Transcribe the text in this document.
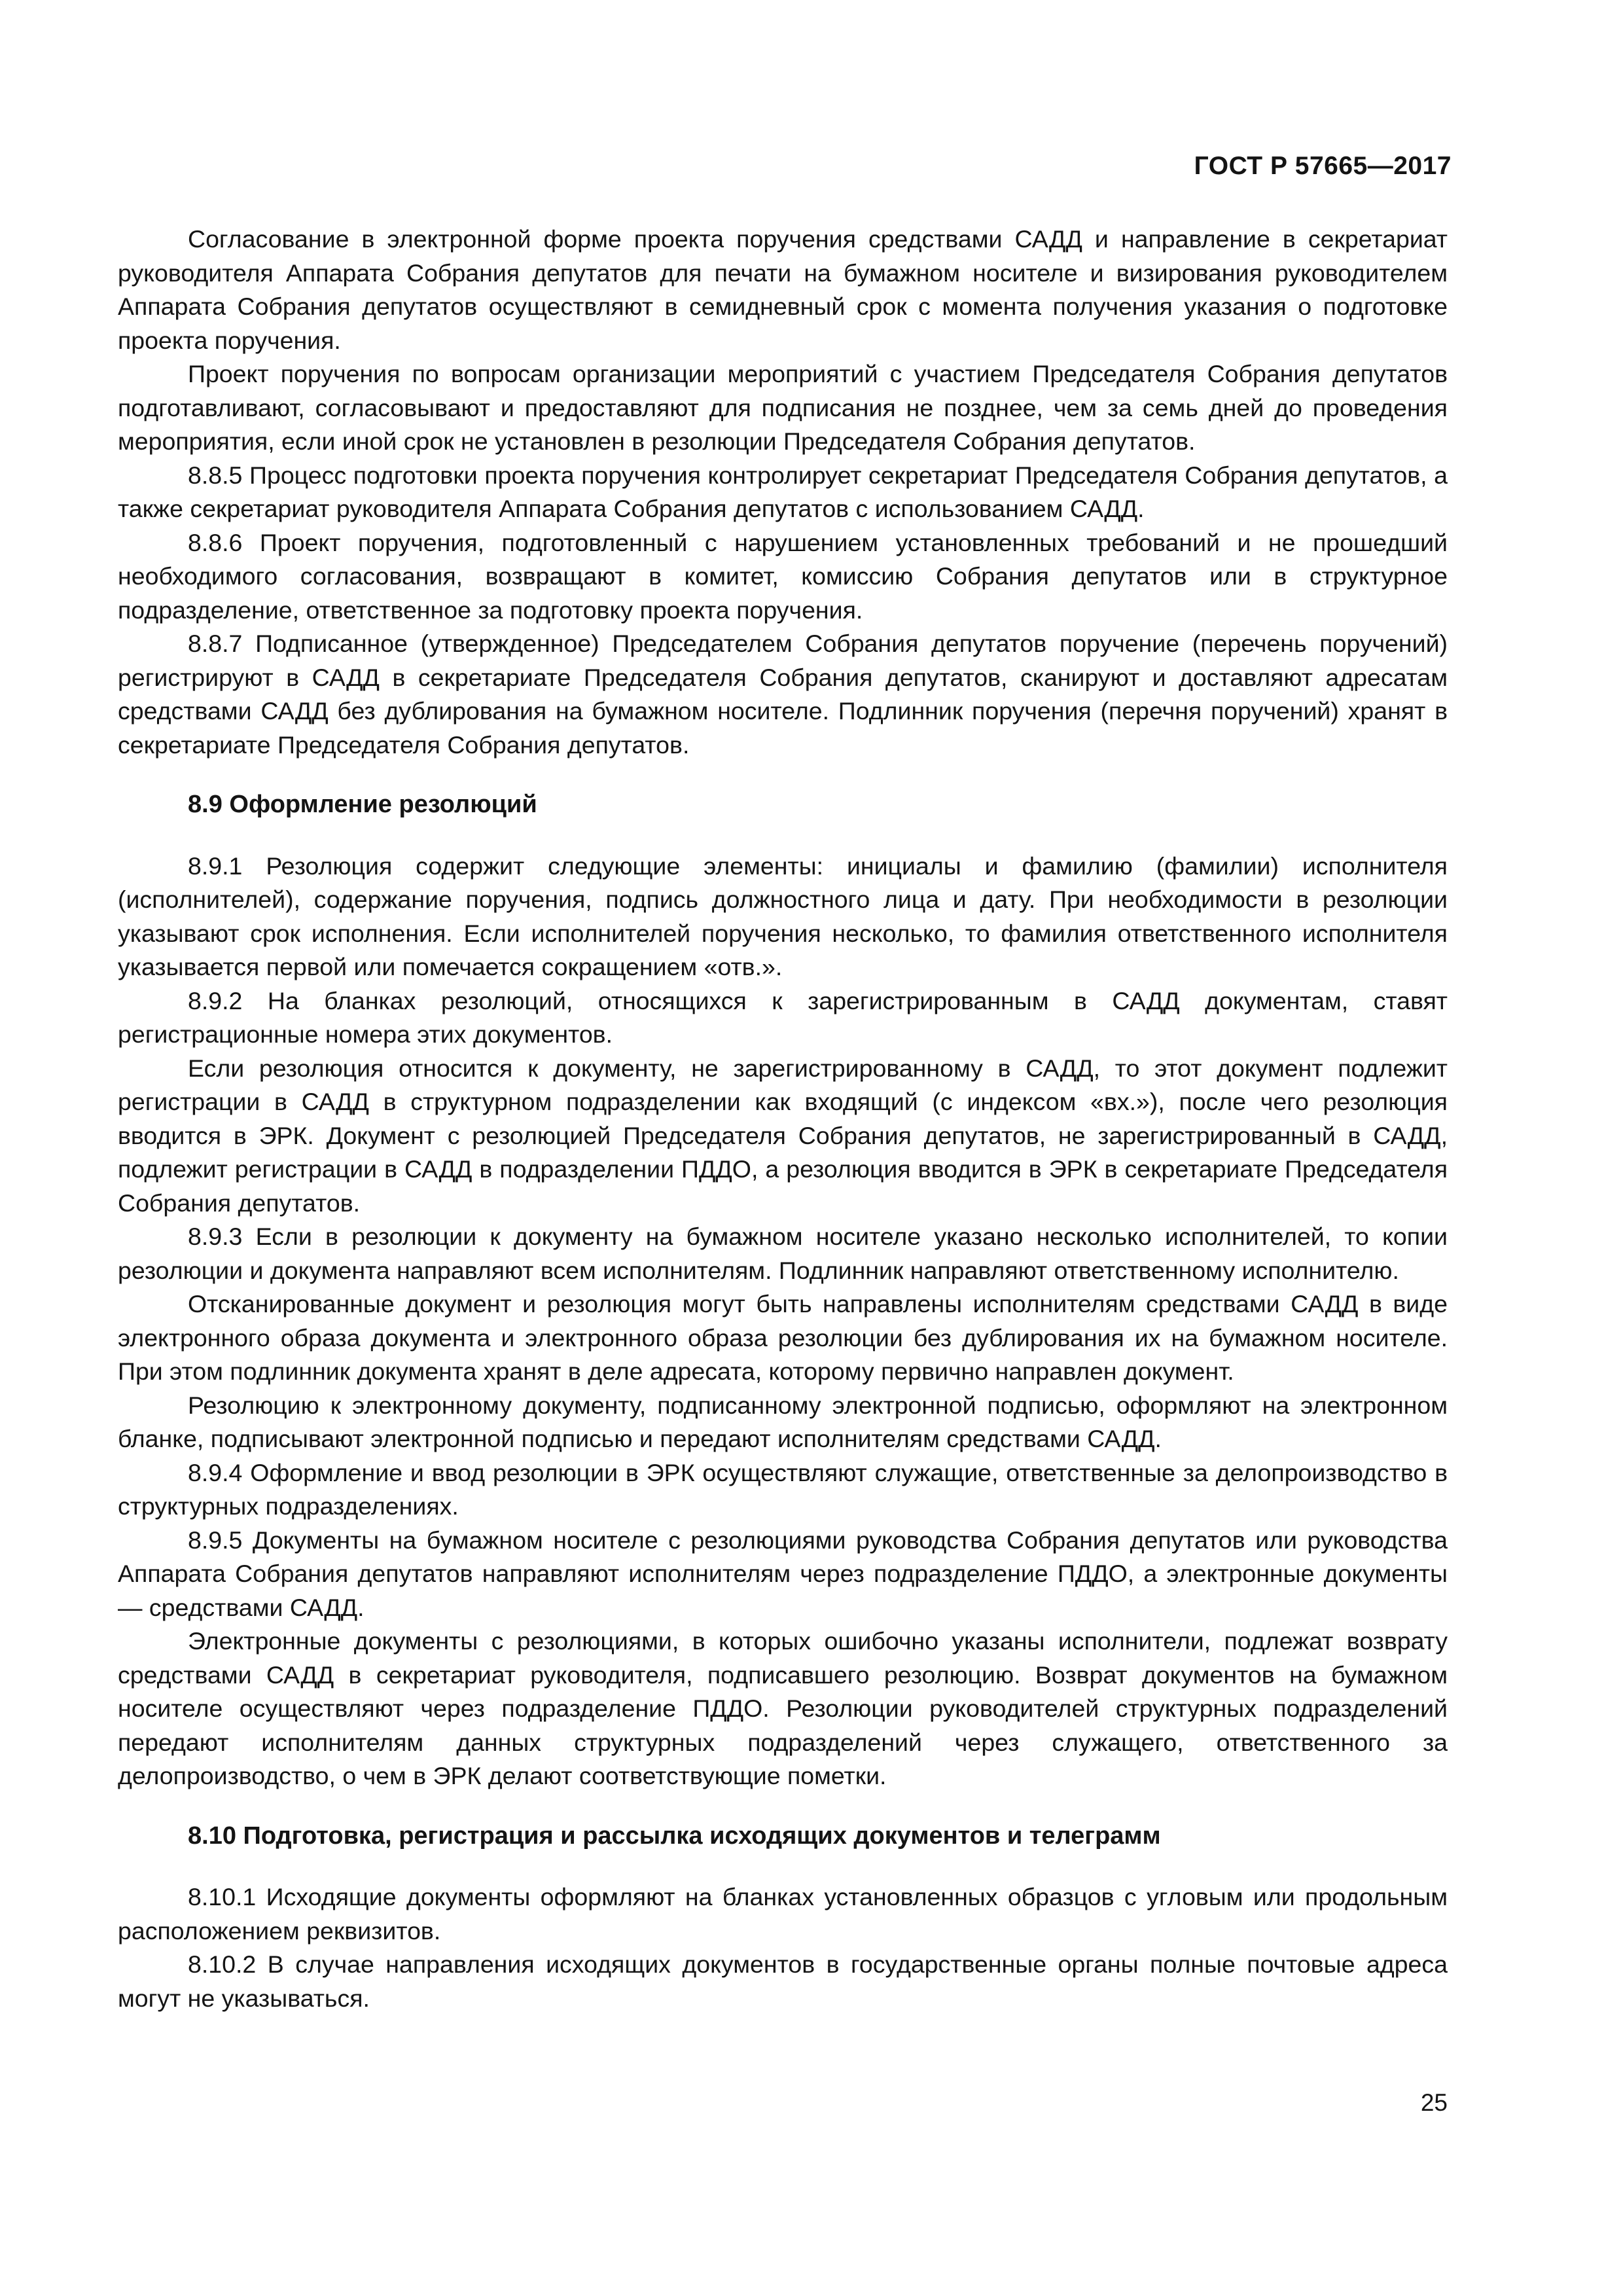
ГОСТ Р 57665—2017

Согласование в электронной форме проекта поручения средствами САДД и направление в секретариат руководителя Аппарата Собрания депутатов для печати на бумажном носителе и визирования руководителем Аппарата Собрания депутатов осуществляют в семидневный срок с момента получения указания о подготовке проекта поручения.

Проект поручения по вопросам организации мероприятий с участием Председателя Собрания депутатов подготавливают, согласовывают и предоставляют для подписания не позднее, чем за семь дней до проведения мероприятия, если иной срок не установлен в резолюции Председателя Собрания депутатов.

8.8.5 Процесс подготовки проекта поручения контролирует секретариат Председателя Собрания депутатов, а также секретариат руководителя Аппарата Собрания депутатов с использованием САДД.

8.8.6 Проект поручения, подготовленный с нарушением установленных требований и не прошедший необходимого согласования, возвращают в комитет, комиссию Собрания депутатов или в структурное подразделение, ответственное за подготовку проекта поручения.

8.8.7 Подписанное (утвержденное) Председателем Собрания депутатов поручение (перечень поручений) регистрируют в САДД в секретариате Председателя Собрания депутатов, сканируют и доставляют адресатам средствами САДД без дублирования на бумажном носителе. Подлинник поручения (перечня поручений) хранят в секретариате Председателя Собрания депутатов.

8.9 Оформление резолюций

8.9.1 Резолюция содержит следующие элементы: инициалы и фамилию (фамилии) исполнителя (исполнителей), содержание поручения, подпись должностного лица и дату. При необходимости в резолюции указывают срок исполнения. Если исполнителей поручения несколько, то фамилия ответственного исполнителя указывается первой или помечается сокращением «отв.».

8.9.2 На бланках резолюций, относящихся к зарегистрированным в САДД документам, ставят регистрационные номера этих документов.

Если резолюция относится к документу, не зарегистрированному в САДД, то этот документ подлежит регистрации в САДД в структурном подразделении как входящий (с индексом «вх.»), после чего резолюция вводится в ЭРК. Документ с резолюцией Председателя Собрания депутатов, не зарегистрированный в САДД, подлежит регистрации в САДД в подразделении ПДДО, а резолюция вводится в ЭРК в секретариате Председателя Собрания депутатов.

8.9.3 Если в резолюции к документу на бумажном носителе указано несколько исполнителей, то копии резолюции и документа направляют всем исполнителям. Подлинник направляют ответственному исполнителю.

Отсканированные документ и резолюция могут быть направлены исполнителям средствами САДД в виде электронного образа документа и электронного образа резолюции без дублирования их на бумажном носителе. При этом подлинник документа хранят в деле адресата, которому первично направлен документ.

Резолюцию к электронному документу, подписанному электронной подписью, оформляют на электронном бланке, подписывают электронной подписью и передают исполнителям средствами САДД.

8.9.4 Оформление и ввод резолюции в ЭРК осуществляют служащие, ответственные за делопроизводство в структурных подразделениях.

8.9.5 Документы на бумажном носителе с резолюциями руководства Собрания депутатов или руководства Аппарата Собрания депутатов направляют исполнителям через подразделение ПДДО, а электронные документы — средствами САДД.

Электронные документы с резолюциями, в которых ошибочно указаны исполнители, подлежат возврату средствами САДД в секретариат руководителя, подписавшего резолюцию. Возврат документов на бумажном носителе осуществляют через подразделение ПДДО. Резолюции руководителей структурных подразделений передают исполнителям данных структурных подразделений через служащего, ответственного за делопроизводство, о чем в ЭРК делают соответствующие пометки.

8.10 Подготовка, регистрация и рассылка исходящих документов и телеграмм

8.10.1 Исходящие документы оформляют на бланках установленных образцов с угловым или продольным расположением реквизитов.

8.10.2 В случае направления исходящих документов в государственные органы полные почтовые адреса могут не указываться.

25
